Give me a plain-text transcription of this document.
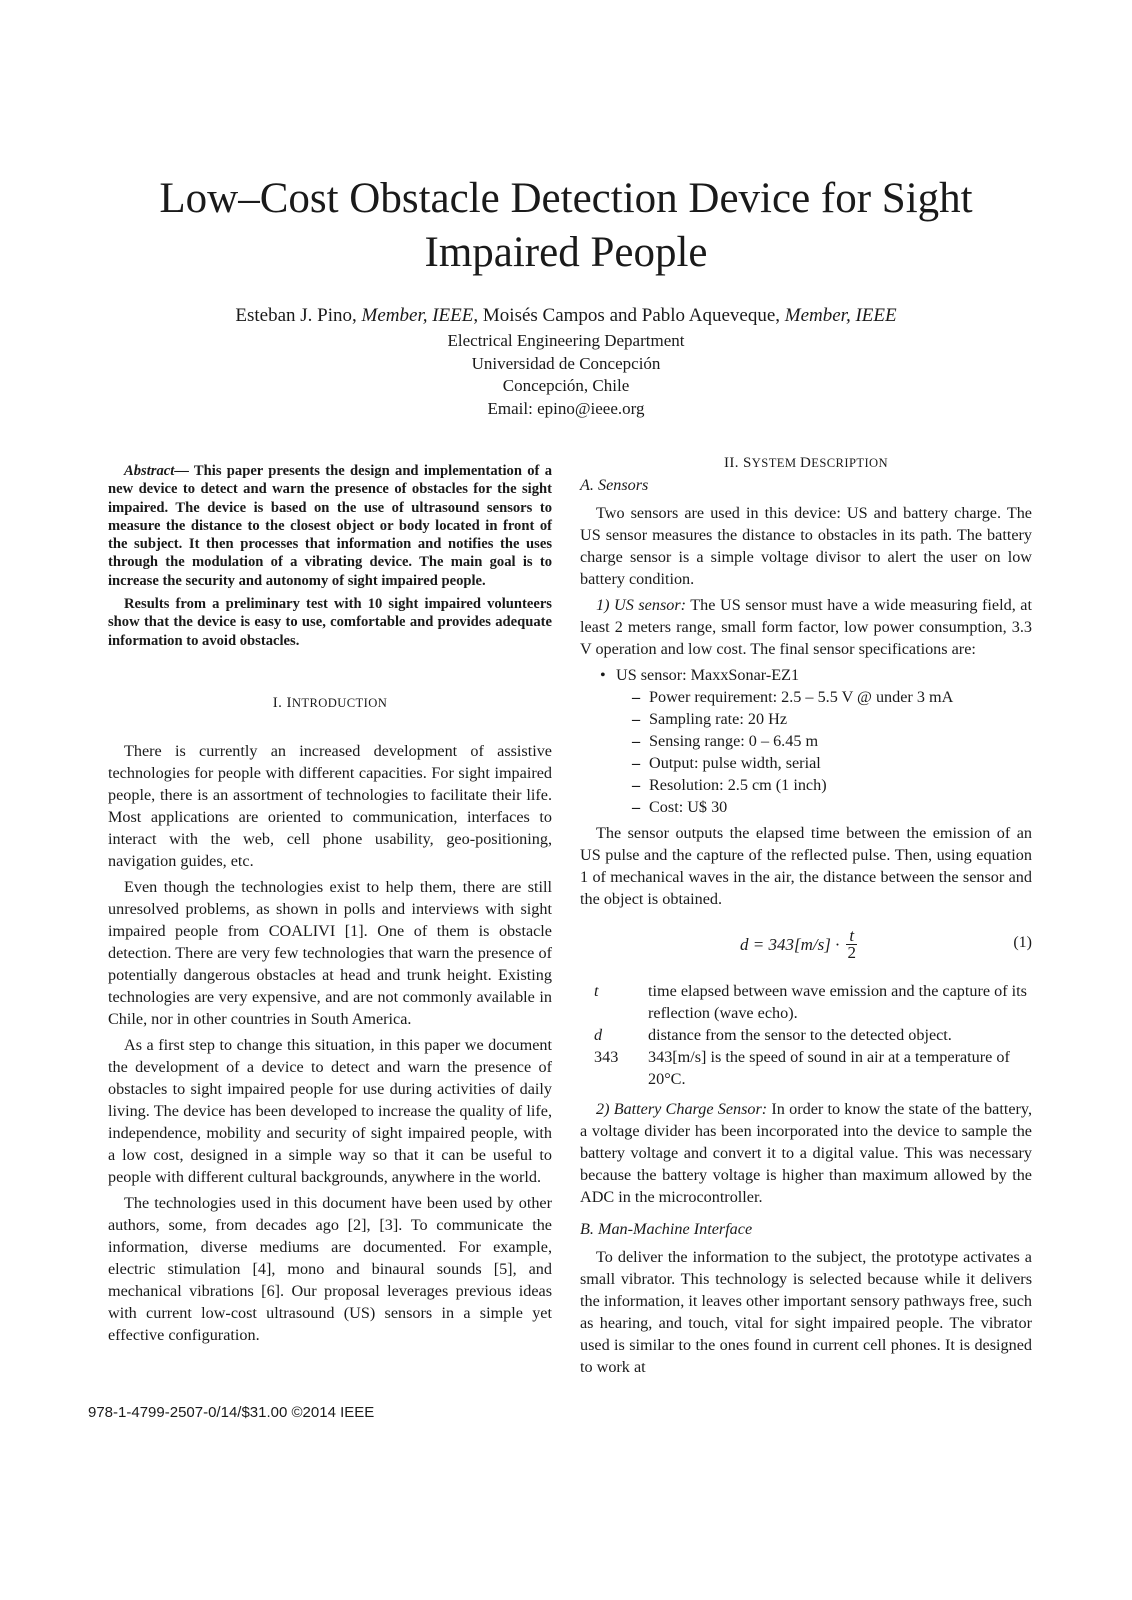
Low–Cost Obstacle Detection Device for Sight Impaired People
Esteban J. Pino, Member, IEEE, Moisés Campos and Pablo Aqueveque, Member, IEEE
Electrical Engineering Department
Universidad de Concepción
Concepción, Chile
Email: epino@ieee.org

Abstract— This paper presents the design and implementation of a new device to detect and warn the presence of obstacles for the sight impaired. The device is based on the use of ultrasound sensors to measure the distance to the closest object or body located in front of the subject. It then processes that information and notifies the uses through the modulation of a vibrating device. The main goal is to increase the security and autonomy of sight impaired people.

Results from a preliminary test with 10 sight impaired volunteers show that the device is easy to use, comfortable and provides adequate information to avoid obstacles.

I. INTRODUCTION

There is currently an increased development of assistive technologies for people with different capacities. For sight impaired people, there is an assortment of technologies to facilitate their life. Most applications are oriented to communication, interfaces to interact with the web, cell phone usability, geo-positioning, navigation guides, etc.

Even though the technologies exist to help them, there are still unresolved problems, as shown in polls and interviews with sight impaired people from COALIVI [1]. One of them is obstacle detection. There are very few technologies that warn the presence of potentially dangerous obstacles at head and trunk height. Existing technologies are very expensive, and are not commonly available in Chile, nor in other countries in South America.

As a first step to change this situation, in this paper we document the development of a device to detect and warn the presence of obstacles to sight impaired people for use during activities of daily living. The device has been developed to increase the quality of life, independence, mobility and security of sight impaired people, with a low cost, designed in a simple way so that it can be useful to people with different cultural backgrounds, anywhere in the world.

The technologies used in this document have been used by other authors, some, from decades ago [2], [3]. To communicate the information, diverse mediums are documented. For example, electric stimulation [4], mono and binaural sounds [5], and mechanical vibrations [6]. Our proposal leverages previous ideas with current low-cost ultrasound (US) sensors in a simple yet effective configuration.

II. SYSTEM DESCRIPTION
A. Sensors

Two sensors are used in this device: US and battery charge. The US sensor measures the distance to obstacles in its path. The battery charge sensor is a simple voltage divisor to alert the user on low battery condition.

1) US sensor: The US sensor must have a wide measuring field, at least 2 meters range, small form factor, low power consumption, 3.3 V operation and low cost. The final sensor specifications are:

• US sensor: MaxxSonar-EZ1
– Power requirement: 2.5 – 5.5 V @ under 3 mA
– Sampling rate: 20 Hz
– Sensing range: 0 – 6.45 m
– Output: pulse width, serial
– Resolution: 2.5 cm (1 inch)
– Cost: U$ 30

The sensor outputs the elapsed time between the emission of an US pulse and the capture of the reflected pulse. Then, using equation 1 of mechanical waves in the air, the distance between the sensor and the object is obtained.

$d = 343[m/s] \cdot \frac{t}{2}$	(1)
t	time elapsed between wave emission and the capture of its reflection (wave echo).
d	distance from the sensor to the detected object.
343	343[m/s] is the speed of sound in air at a temperature of 20°C.

2) Battery Charge Sensor: In order to know the state of the battery, a voltage divider has been incorporated into the device to sample the battery voltage and convert it to a digital value. This was necessary because the battery voltage is higher than maximum allowed by the ADC in the microcontroller.

B. Man-Machine Interface

To deliver the information to the subject, the prototype activates a small vibrator. This technology is selected because while it delivers the information, it leaves other important sensory pathways free, such as hearing, and touch, vital for sight impaired people. The vibrator used is similar to the ones found in current cell phones. It is designed to work at

978-1-4799-2507-0/14/$31.00 ©2014 IEEE
